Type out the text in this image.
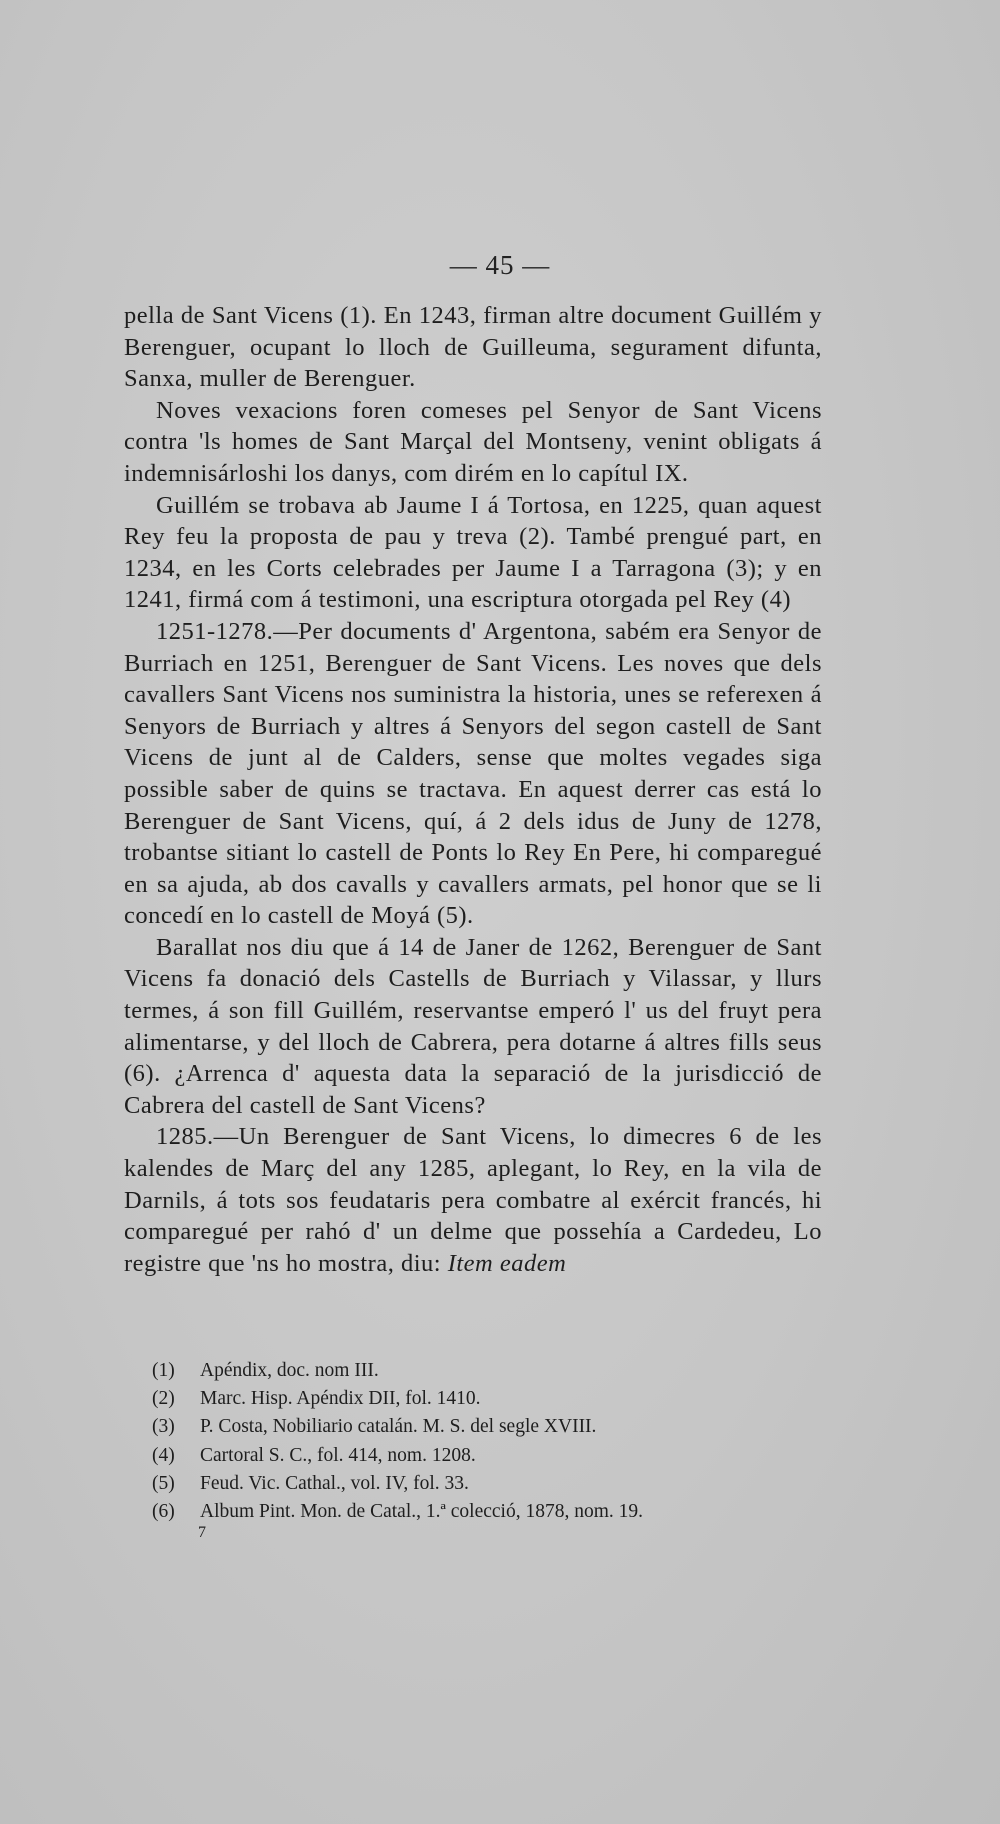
— 45 —

pella de Sant Vicens (1). En 1243, firman altre document Guillém y Berenguer, ocupant lo lloch de Guilleuma, segurament difunta, Sanxa, muller de Berenguer.

Noves vexacions foren comeses pel Senyor de Sant Vicens contra 'ls homes de Sant Marçal del Montseny, venint obligats á indemnisárloshi los danys, com dirém en lo capítul IX.

Guillém se trobava ab Jaume I á Tortosa, en 1225, quan aquest Rey feu la proposta de pau y treva (2). També prengué part, en 1234, en les Corts celebrades per Jaume I a Tarragona (3); y en 1241, firmá com á testimoni, una escriptura otorgada pel Rey (4)

1251-1278.—Per documents d' Argentona, sabém era Senyor de Burriach en 1251, Berenguer de Sant Vicens. Les noves que dels cavallers Sant Vicens nos suministra la historia, unes se referexen á Senyors de Burriach y altres á Senyors del segon castell de Sant Vicens de junt al de Calders, sense que moltes vegades siga possible saber de quins se tractava. En aquest derrer cas está lo Berenguer de Sant Vicens, quí, á 2 dels idus de Juny de 1278, trobantse sitiant lo castell de Ponts lo Rey En Pere, hi comparegué en sa ajuda, ab dos cavalls y cavallers armats, pel honor que se li concedí en lo castell de Moyá (5).

Barallat nos diu que á 14 de Janer de 1262, Berenguer de Sant Vicens fa donació dels Castells de Burriach y Vilassar, y llurs termes, á son fill Guillém, reservantse emperó l' us del fruyt pera alimentarse, y del lloch de Cabrera, pera dotarne á altres fills seus (6). ¿Arrenca d' aquesta data la separació de la jurisdicció de Cabrera del castell de Sant Vicens?

1285.—Un Berenguer de Sant Vicens, lo dimecres 6 de les kalendes de Març del any 1285, aplegant, lo Rey, en la vila de Darnils, á tots sos feudataris pera combatre al exércit francés, hi comparegué per rahó d' un delme que possehía a Cardedeu, Lo registre que 'ns ho mostra, diu: Item eadem

(1)	Apéndix, doc. nom III.
(2)	Marc. Hisp. Apéndix DII, fol. 1410.
(3)	P. Costa, Nobiliario catalán. M. S. del segle XVIII.
(4)	Cartoral S. C., fol. 414, nom. 1208.
(5)	Feud. Vic. Cathal., vol. IV, fol. 33.
(6)	Album Pint. Mon. de Catal., 1.ª colecció, 1878, nom. 19.
7
